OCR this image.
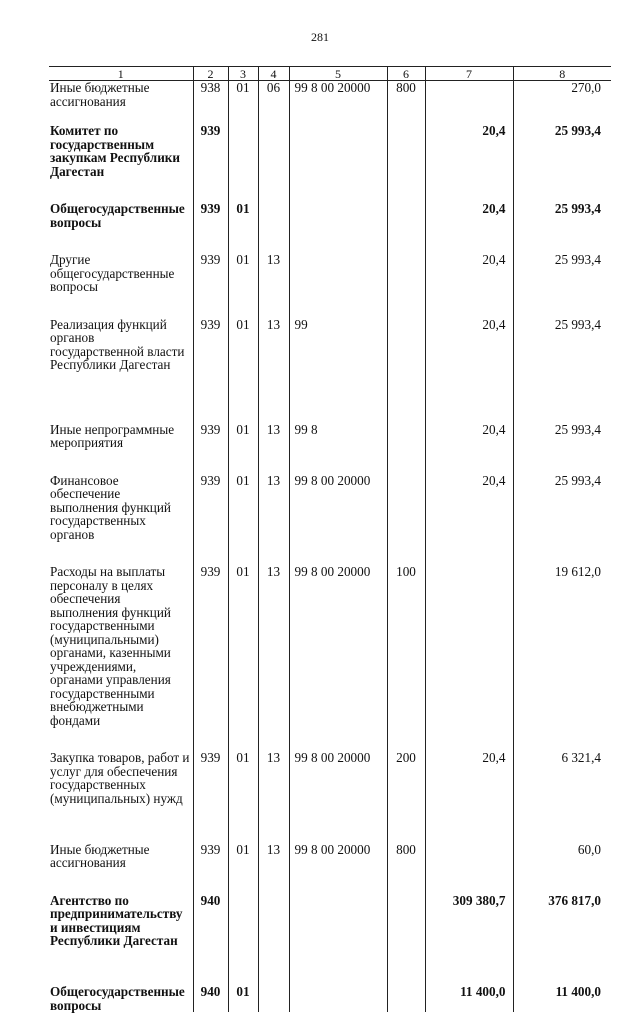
281
1	2	3	4	5	6	7	8
Иные бюджетные ассигнования	938	01	06	99 8 00 20000	800		270,0
Комитет по государственным закупкам Республики Дагестан	939					20,4	25 993,4
Общегосударственные вопросы	939	01				20,4	25 993,4
Другие общегосударственные вопросы	939	01	13			20,4	25 993,4
Реализация функций органов государственной власти Республики Дагестан	939	01	13	99		20,4	25 993,4
Иные непрограммные мероприятия	939	01	13	99 8		20,4	25 993,4
Финансовое обеспечение выполнения функций государственных органов	939	01	13	99 8 00 20000		20,4	25 993,4
Расходы на выплаты персоналу в целях обеспечения выполнения функций государственными (муниципальными) органами, казенными учреждениями, органами управления государственными внебюджетными фондами	939	01	13	99 8 00 20000	100		19 612,0
Закупка товаров, работ и услуг для обеспечения государственных (муниципальных) нужд	939	01	13	99 8 00 20000	200	20,4	6 321,4
Иные бюджетные ассигнования	939	01	13	99 8 00 20000	800		60,0
Агентство по предпринимательству и инвестициям Республики Дагестан	940					309 380,7	376 817,0
Общегосударственные вопросы	940	01				11 400,0	11 400,0
